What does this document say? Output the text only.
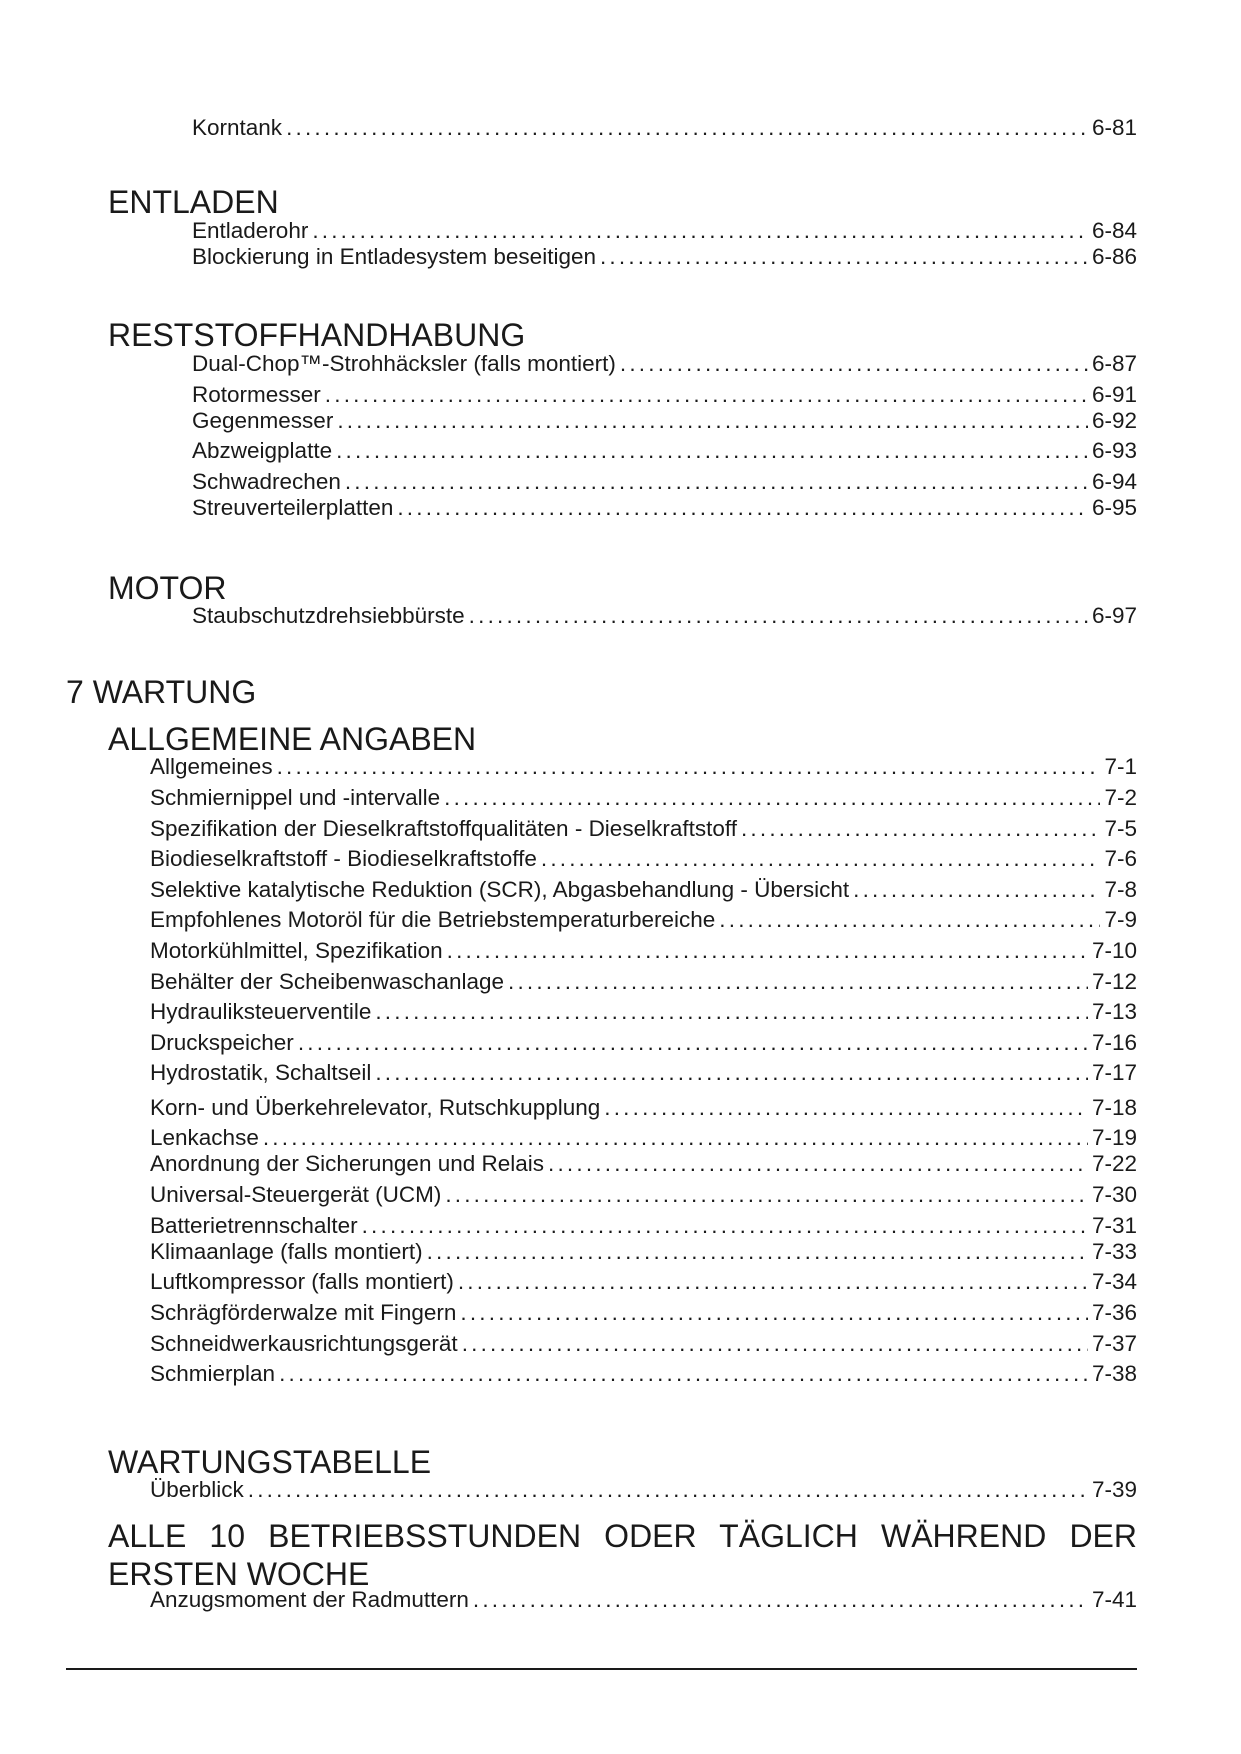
Korntank .....	6-81
ENTLADEN
Entladerohr .....	6-84
Blockierung in Entladesystem beseitigen .....	6-86
RESTSTOFFHANDHABUNG
Dual-Chop™-Strohhäcksler (falls montiert) .....	6-87
Rotormesser .....	6-91
Gegenmesser .....	6-92
Abzweigplatte .....	6-93
Schwadrechen .....	6-94
Streuverteilerplatten .....	6-95
MOTOR
Staubschutzdrehsiebbürste .....	6-97
7 WARTUNG
ALLGEMEINE ANGABEN
Allgemeines .....	7-1
Schmiernippel und -intervalle .....	7-2
Spezifikation der Dieselkraftstoffqualitäten - Dieselkraftstoff .....	7-5
Biodieselkraftstoff - Biodieselkraftstoffe .....	7-6
Selektive katalytische Reduktion (SCR), Abgasbehandlung - Übersicht .....	7-8
Empfohlenes Motoröl für die Betriebstemperaturbereiche .....	7-9
Motorkühlmittel, Spezifikation .....	7-10
Behälter der Scheibenwaschanlage .....	7-12
Hydrauliksteuerventile .....	7-13
Druckspeicher .....	7-16
Hydrostatik, Schaltseil .....	7-17
Korn- und Überkehrelevator, Rutschkupplung .....	7-18
Lenkachse .....	7-19
Anordnung der Sicherungen und Relais .....	7-22
Universal-Steuergerät (UCM) .....	7-30
Batterietrennschalter .....	7-31
Klimaanlage (falls montiert) .....	7-33
Luftkompressor (falls montiert) .....	7-34
Schrägförderwalze mit Fingern .....	7-36
Schneidwerkausrichtungsgerät .....	7-37
Schmierplan .....	7-38
WARTUNGSTABELLE
Überblick .....	7-39
ALLE 10 BETRIEBSSTUNDEN ODER TÄGLICH WÄHREND DER ERSTEN WOCHE
Anzugsmoment der Radmuttern .....	7-41
